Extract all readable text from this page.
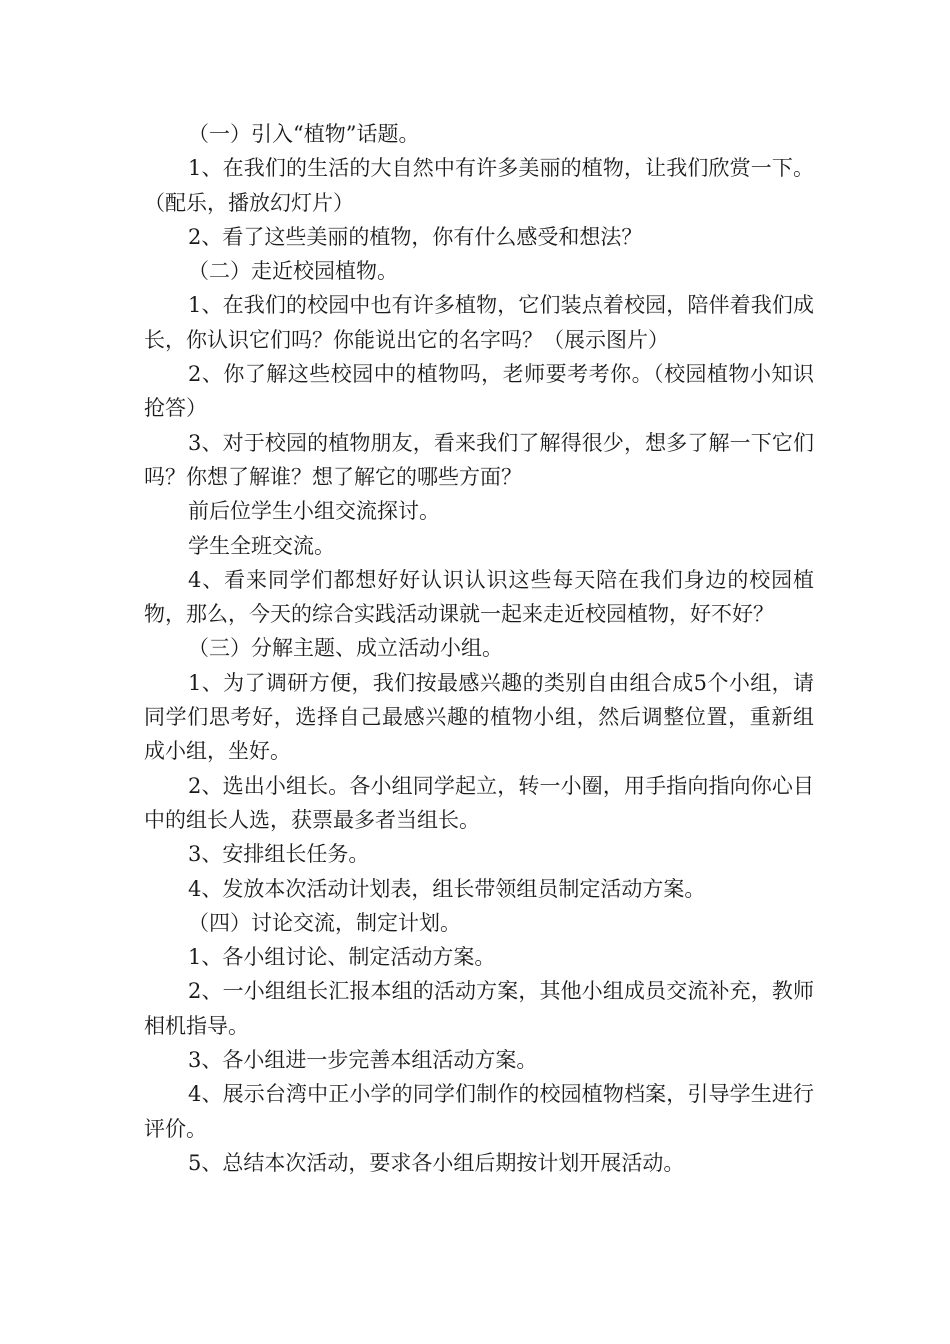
（一）引入“植物”话题。

1、在我们的生活的大自然中有许多美丽的植物，让我们欣赏一下。（配乐，播放幻灯片）

2、看了这些美丽的植物，你有什么感受和想法？

（二）走近校园植物。

1、在我们的校园中也有许多植物，它们装点着校园，陪伴着我们成长，你认识它们吗？你能说出它的名字吗？（展示图片）

2、你了解这些校园中的植物吗，老师要考考你。（校园植物小知识抢答）

3、对于校园的植物朋友，看来我们了解得很少，想多了解一下它们吗？你想了解谁？想了解它的哪些方面？

前后位学生小组交流探讨。

学生全班交流。

4、看来同学们都想好好认识认识这些每天陪在我们身边的校园植物，那么，今天的综合实践活动课就一起来走近校园植物，好不好？

（三）分解主题、成立活动小组。

1、为了调研方便，我们按最感兴趣的类别自由组合成5个小组，请同学们思考好，选择自己最感兴趣的植物小组，然后调整位置，重新组成小组，坐好。

2、选出小组长。各小组同学起立，转一小圈，用手指向指向你心目中的组长人选，获票最多者当组长。

3、安排组长任务。

4、发放本次活动计划表，组长带领组员制定活动方案。

（四）讨论交流，制定计划。

1、各小组讨论、制定活动方案。

2、一小组组长汇报本组的活动方案，其他小组成员交流补充，教师相机指导。

3、各小组进一步完善本组活动方案。

4、展示台湾中正小学的同学们制作的校园植物档案，引导学生进行评价。

5、总结本次活动，要求各小组后期按计划开展活动。
